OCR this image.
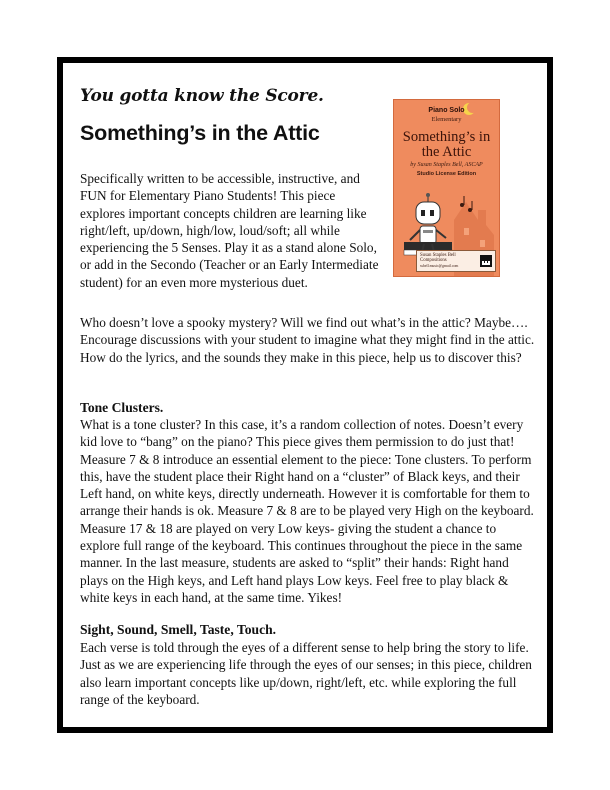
You gotta know the Score.
Something’s in the Attic

Specifically written to be accessible, instructive, and FUN for Elementary Piano Students! This piece explores important concepts children are learning like right/left, up/down, high/low, loud/soft; all while experiencing the 5 Senses. Play it as a stand alone Solo, or add in the Secondo (Teacher or an Early Intermediate student) for an even more mysterious duet.

Piano Solo
Elementary
Something’s in
the Attic
by Susan Staples Bell, ASCAP
Studio License Edition
Susan Staples Bell
Compositions
ssbell.music@gmail.com

Who doesn’t love a spooky mystery? Will we find out what’s in the attic? Maybe…. Encourage discussions with your student to imagine what they might find in the attic. How do the lyrics, and the sounds they make in this piece, help us to discover this?

Tone Clusters.

What is a tone cluster? In this case, it’s a random collection of notes. Doesn’t every kid love to “bang” on the piano? This piece gives them permission to do just that! Measure 7 & 8 introduce an essential element to the piece: Tone clusters. To perform this, have the student place their Right hand on a “cluster” of Black keys, and their Left hand, on white keys, directly underneath. However it is comfortable for them to arrange their hands is ok. Measure 7 & 8 are to be played very High on the keyboard. Measure 17 & 18 are played on very Low keys- giving the student a chance to explore full range of the keyboard. This continues throughout the piece in the same manner. In the last measure, students are asked to “split” their hands: Right hand plays on the High keys, and Left hand plays Low keys. Feel free to play black & white keys in each hand, at the same time. Yikes!

Sight, Sound, Smell, Taste, Touch.

Each verse is told through the eyes of a different sense to help bring the story to life. Just as we are experiencing life through the eyes of our senses; in this piece, children also learn important concepts like up/down, right/left, etc. while exploring the full range of the keyboard.
